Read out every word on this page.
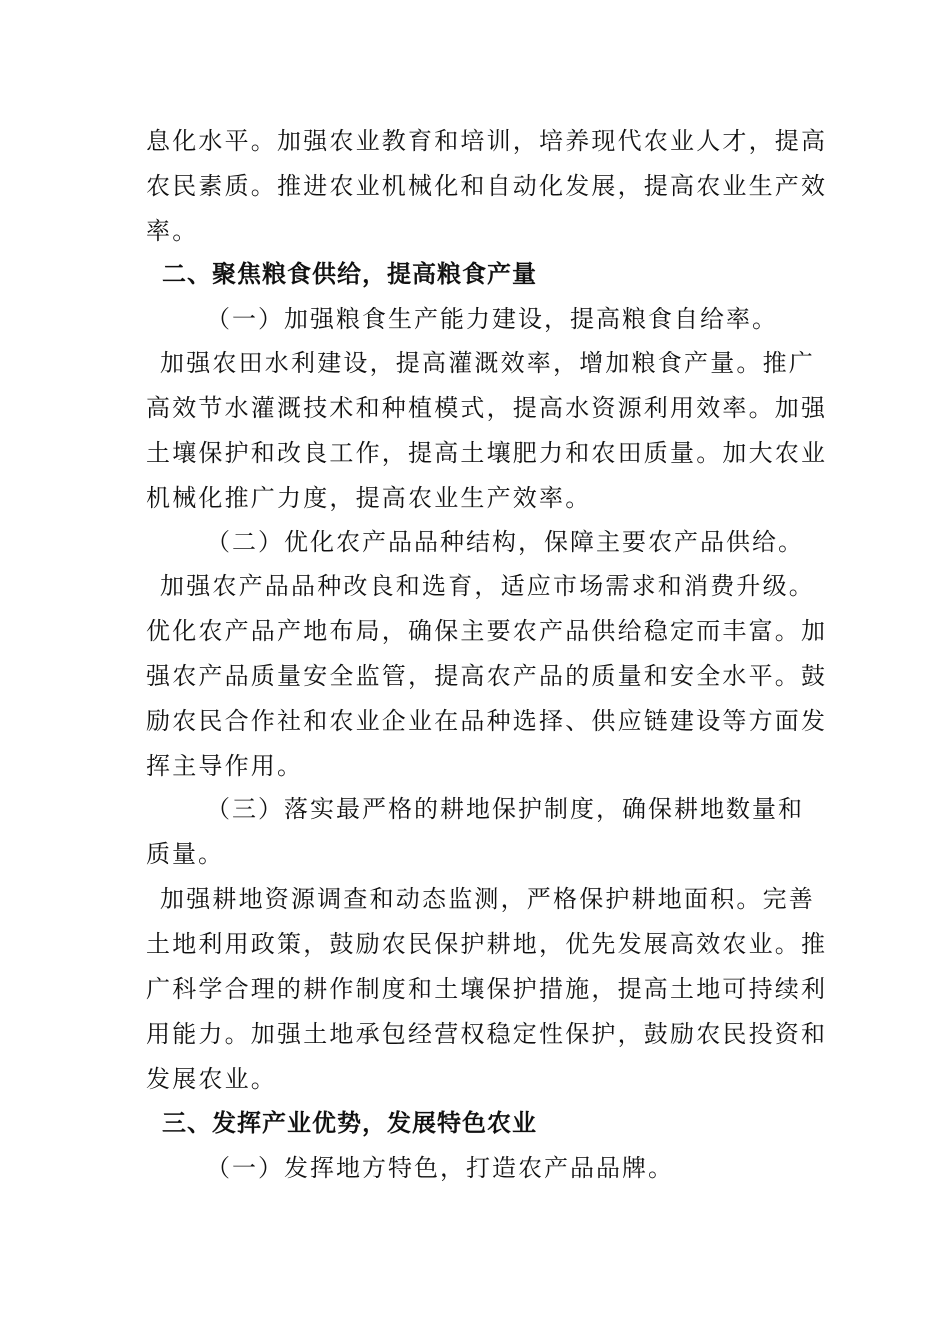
息化水平。加强农业教育和培训，培养现代农业人才，提高
农民素质。推进农业机械化和自动化发展，提高农业生产效
率。
二、聚焦粮食供给，提高粮食产量
（一）加强粮食生产能力建设，提高粮食自给率。
加强农田水利建设，提高灌溉效率，增加粮食产量。推广
高效节水灌溉技术和种植模式，提高水资源利用效率。加强
土壤保护和改良工作，提高土壤肥力和农田质量。加大农业
机械化推广力度，提高农业生产效率。
（二）优化农产品品种结构，保障主要农产品供给。
加强农产品品种改良和选育，适应市场需求和消费升级。
优化农产品产地布局，确保主要农产品供给稳定而丰富。加
强农产品质量安全监管，提高农产品的质量和安全水平。鼓
励农民合作社和农业企业在品种选择、供应链建设等方面发
挥主导作用。
（三）落实最严格的耕地保护制度，确保耕地数量和
质量。
加强耕地资源调查和动态监测，严格保护耕地面积。完善
土地利用政策，鼓励农民保护耕地，优先发展高效农业。推
广科学合理的耕作制度和土壤保护措施，提高土地可持续利
用能力。加强土地承包经营权稳定性保护，鼓励农民投资和
发展农业。
三、发挥产业优势，发展特色农业
（一）发挥地方特色，打造农产品品牌。
